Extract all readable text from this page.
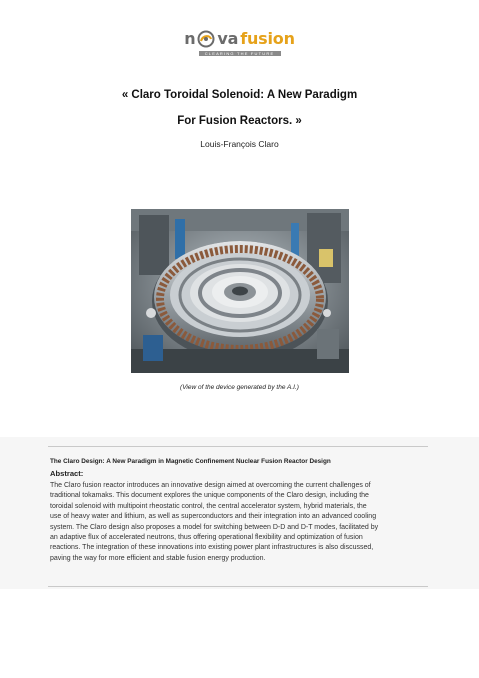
n va fusion
CLEARING THE FUTURE
« Claro Toroidal Solenoid: A New Paradigm
For Fusion Reactors. »
Louis-François Claro
(View of the device generated by the A.I.)
The Claro Design: A New Paradigm in Magnetic Confinement Nuclear Fusion Reactor Design
Abstract:
The Claro fusion reactor introduces an innovative design aimed at overcoming the current challenges of
traditional tokamaks. This document explores the unique components of the Claro design, including the
toroidal solenoid with multipoint rheostatic control, the central accelerator system, hybrid materials, the
use of heavy water and lithium, as well as superconductors and their integration into an advanced cooling
system. The Claro design also proposes a model for switching between D-D and D-T modes, facilitated by
an adaptive flux of accelerated neutrons, thus offering operational flexibility and optimization of fusion
reactions. The integration of these innovations into existing power plant infrastructures is also discussed,
paving the way for more efficient and stable fusion energy production.
